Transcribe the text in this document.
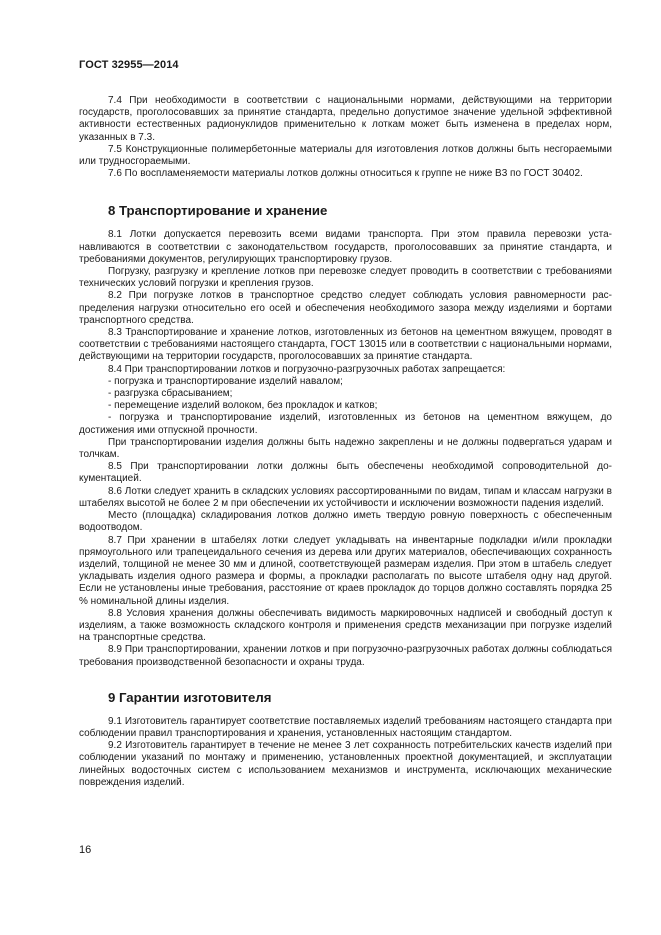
ГОСТ 32955—2014

7.4 При необходимости в соответствии с национальными нормами, действующими на территории государств, проголосовавших за принятие стандарта, предельно допустимое значение удельной эффективной активности естественных радионуклидов применительно к лоткам может быть изменена в пределах норм, указанных в 7.3.

7.5 Конструкционные полимербетонные материалы для изготовления лотков должны быть несгораемыми или трудносгораемыми.

7.6 По воспламеняемости материалы лотков должны относиться к группе не ниже В3 по ГОСТ 30402.

8 Транспортирование и хранение

8.1 Лотки допускается перевозить всеми видами транспорта. При этом правила перевозки устанавливаются в соответствии с законодательством государств, проголосовавших за принятие стандарта, и требованиями документов, регулирующих транспортировку грузов.

Погрузку, разгрузку и крепление лотков при перевозке следует проводить в соответствии с требованиями технических условий погрузки и крепления грузов.

8.2 При погрузке лотков в транспортное средство следует соблюдать условия равномерности распределения нагрузки относительно его осей и обеспечения необходимого зазора между изделиями и бортами транспортного средства.

8.3 Транспортирование и хранение лотков, изготовленных из бетонов на цементном вяжущем, проводят в соответствии с требованиями настоящего стандарта, ГОСТ 13015 или в соответствии с национальными нормами, действующими на территории государств, проголосовавших за принятие стандарта.

8.4 При транспортировании лотков и погрузочно-разгрузочных работах запрещается:

- погрузка и транспортирование изделий навалом;

- разгрузка сбрасыванием;

- перемещение изделий волоком, без прокладок и катков;

- погрузка и транспортирование изделий, изготовленных из бетонов на цементном вяжущем, до достижения ими отпускной прочности.

При транспортировании изделия должны быть надежно закреплены и не должны подвергаться ударам и толчкам.

8.5 При транспортировании лотки должны быть обеспечены необходимой сопроводительной документацией.

8.6 Лотки следует хранить в складских условиях рассортированными по видам, типам и классам нагрузки в штабелях высотой не более 2 м при обеспечении их устойчивости и исключении возможности падения изделий.

Место (площадка) складирования лотков должно иметь твердую ровную поверхность с обеспеченным водоотводом.

8.7 При хранении в штабелях лотки следует укладывать на инвентарные подкладки и/или прокладки прямоугольного или трапецеидального сечения из дерева или других материалов, обеспечивающих сохранность изделий, толщиной не менее 30 мм и длиной, соответствующей размерам изделия. При этом в штабель следует укладывать изделия одного размера и формы, а прокладки располагать по высоте штабеля одну над другой. Если не установлены иные требования, расстояние от краев прокладок до торцов должно составлять порядка 25 % номинальной длины изделия.

8.8 Условия хранения должны обеспечивать видимость маркировочных надписей и свободный доступ к изделиям, а также возможность складского контроля и применения средств механизации при погрузке изделий на транспортные средства.

8.9 При транспортировании, хранении лотков и при погрузочно-разгрузочных работах должны соблюдаться требования производственной безопасности и охраны труда.

9 Гарантии изготовителя

9.1 Изготовитель гарантирует соответствие поставляемых изделий требованиям настоящего стандарта при соблюдении правил транспортирования и хранения, установленных настоящим стандартом.

9.2 Изготовитель гарантирует в течение не менее 3 лет сохранность потребительских качеств изделий при соблюдении указаний по монтажу и применению, установленных проектной документацией, и эксплуатации линейных водосточных систем с использованием механизмов и инструмента, исключающих механические повреждения изделий.

16
